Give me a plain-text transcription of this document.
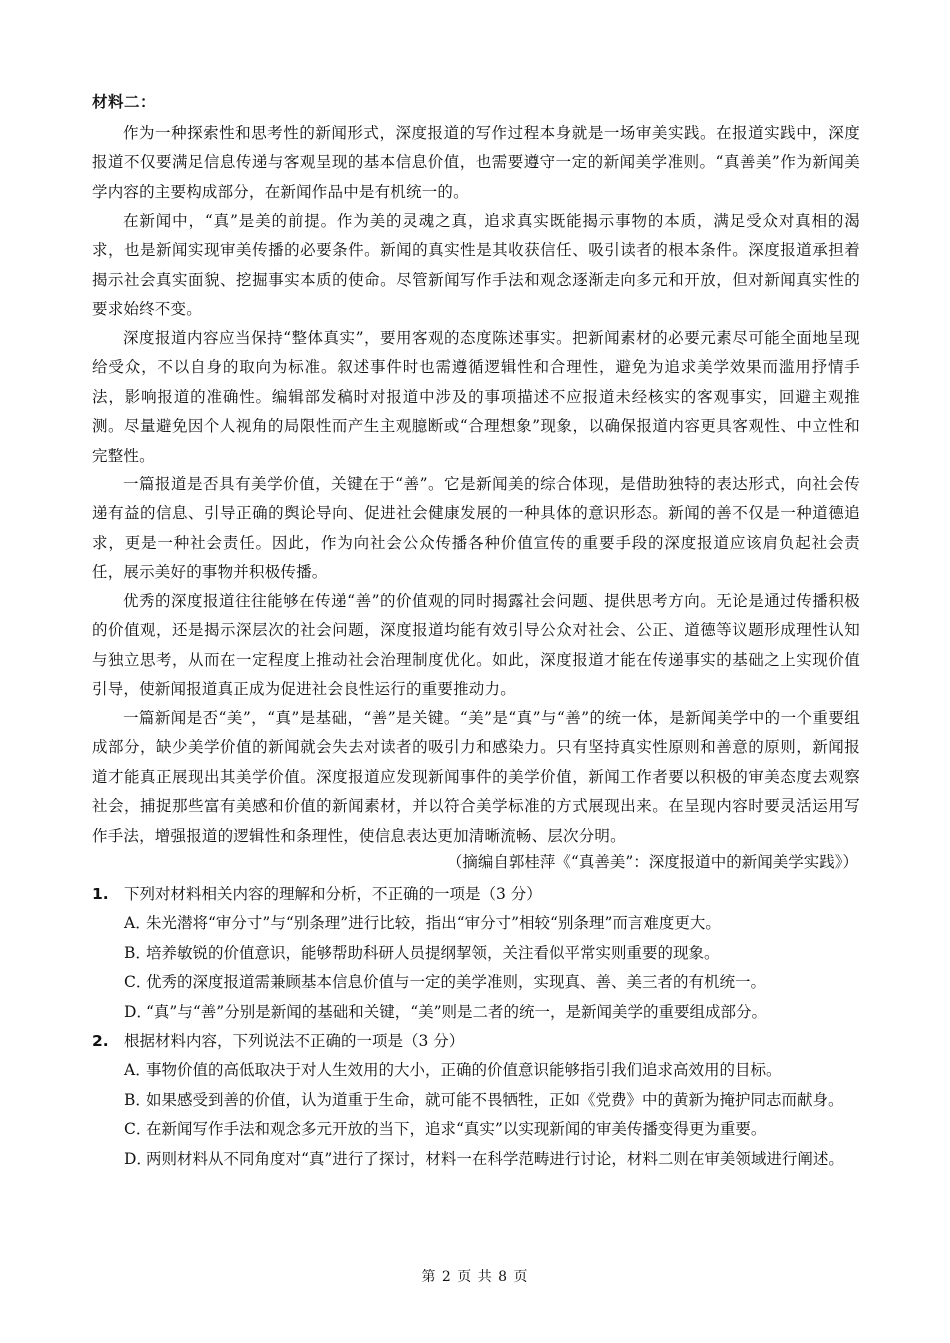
材料二：

作为一种探索性和思考性的新闻形式，深度报道的写作过程本身就是一场审美实践。在报道实践中，深度报道不仅要满足信息传递与客观呈现的基本信息价值，也需要遵守一定的新闻美学准则。“真善美”作为新闻美学内容的主要构成部分，在新闻作品中是有机统一的。

在新闻中，“真”是美的前提。作为美的灵魂之真，追求真实既能揭示事物的本质，满足受众对真相的渴求，也是新闻实现审美传播的必要条件。新闻的真实性是其收获信任、吸引读者的根本条件。深度报道承担着揭示社会真实面貌、挖掘事实本质的使命。尽管新闻写作手法和观念逐渐走向多元和开放，但对新闻真实性的要求始终不变。

深度报道内容应当保持“整体真实”，要用客观的态度陈述事实。把新闻素材的必要元素尽可能全面地呈现给受众，不以自身的取向为标准。叙述事件时也需遵循逻辑性和合理性，避免为追求美学效果而滥用抒情手法，影响报道的准确性。编辑部发稿时对报道中涉及的事项描述不应报道未经核实的客观事实，回避主观推测。尽量避免因个人视角的局限性而产生主观臆断或“合理想象”现象，以确保报道内容更具客观性、中立性和完整性。

一篇报道是否具有美学价值，关键在于“善”。它是新闻美的综合体现，是借助独特的表达形式，向社会传递有益的信息、引导正确的舆论导向、促进社会健康发展的一种具体的意识形态。新闻的善不仅是一种道德追求，更是一种社会责任。因此，作为向社会公众传播各种价值宣传的重要手段的深度报道应该肩负起社会责任，展示美好的事物并积极传播。

优秀的深度报道往往能够在传递“善”的价值观的同时揭露社会问题、提供思考方向。无论是通过传播积极的价值观，还是揭示深层次的社会问题，深度报道均能有效引导公众对社会、公正、道德等议题形成理性认知与独立思考，从而在一定程度上推动社会治理制度优化。如此，深度报道才能在传递事实的基础之上实现价值引导，使新闻报道真正成为促进社会良性运行的重要推动力。

一篇新闻是否“美”，“真”是基础，“善”是关键。“美”是“真”与“善”的统一体，是新闻美学中的一个重要组成部分，缺少美学价值的新闻就会失去对读者的吸引力和感染力。只有坚持真实性原则和善意的原则，新闻报道才能真正展现出其美学价值。深度报道应发现新闻事件的美学价值，新闻工作者要以积极的审美态度去观察社会，捕捉那些富有美感和价值的新闻素材，并以符合美学标准的方式展现出来。在呈现内容时要灵活运用写作手法，增强报道的逻辑性和条理性，使信息表达更加清晰流畅、层次分明。

（摘编自郭桂萍《“真善美”：深度报道中的新闻美学实践》）

1. 下列对材料相关内容的理解和分析，不正确的一项是（3 分）
A．
朱光潜将“审分寸”与“别条理”进行比较，指出“审分寸”相较“别条理”而言难度更大。
B．
培养敏锐的价值意识，能够帮助科研人员提纲挈领，关注看似平常实则重要的现象。
C．
优秀的深度报道需兼顾基本信息价值与一定的美学准则，实现真、善、美三者的有机统一。
D．
“真”与“善”分别是新闻的基础和关键，“美”则是二者的统一，是新闻美学的重要组成部分。
2. 根据材料内容，下列说法不正确的一项是（3 分）
A．
事物价值的高低取决于对人生效用的大小，正确的价值意识能够指引我们追求高效用的目标。
B．
如果感受到善的价值，认为道重于生命，就可能不畏牺牲，正如《党费》中的黄新为掩护同志而献身。
C．
在新闻写作手法和观念多元开放的当下，追求“真实”以实现新闻的审美传播变得更为重要。
D．
两则材料从不同角度对“真”进行了探讨，材料一在科学范畴进行讨论，材料二则在审美领域进行阐述。
第 2 页 共 8 页
